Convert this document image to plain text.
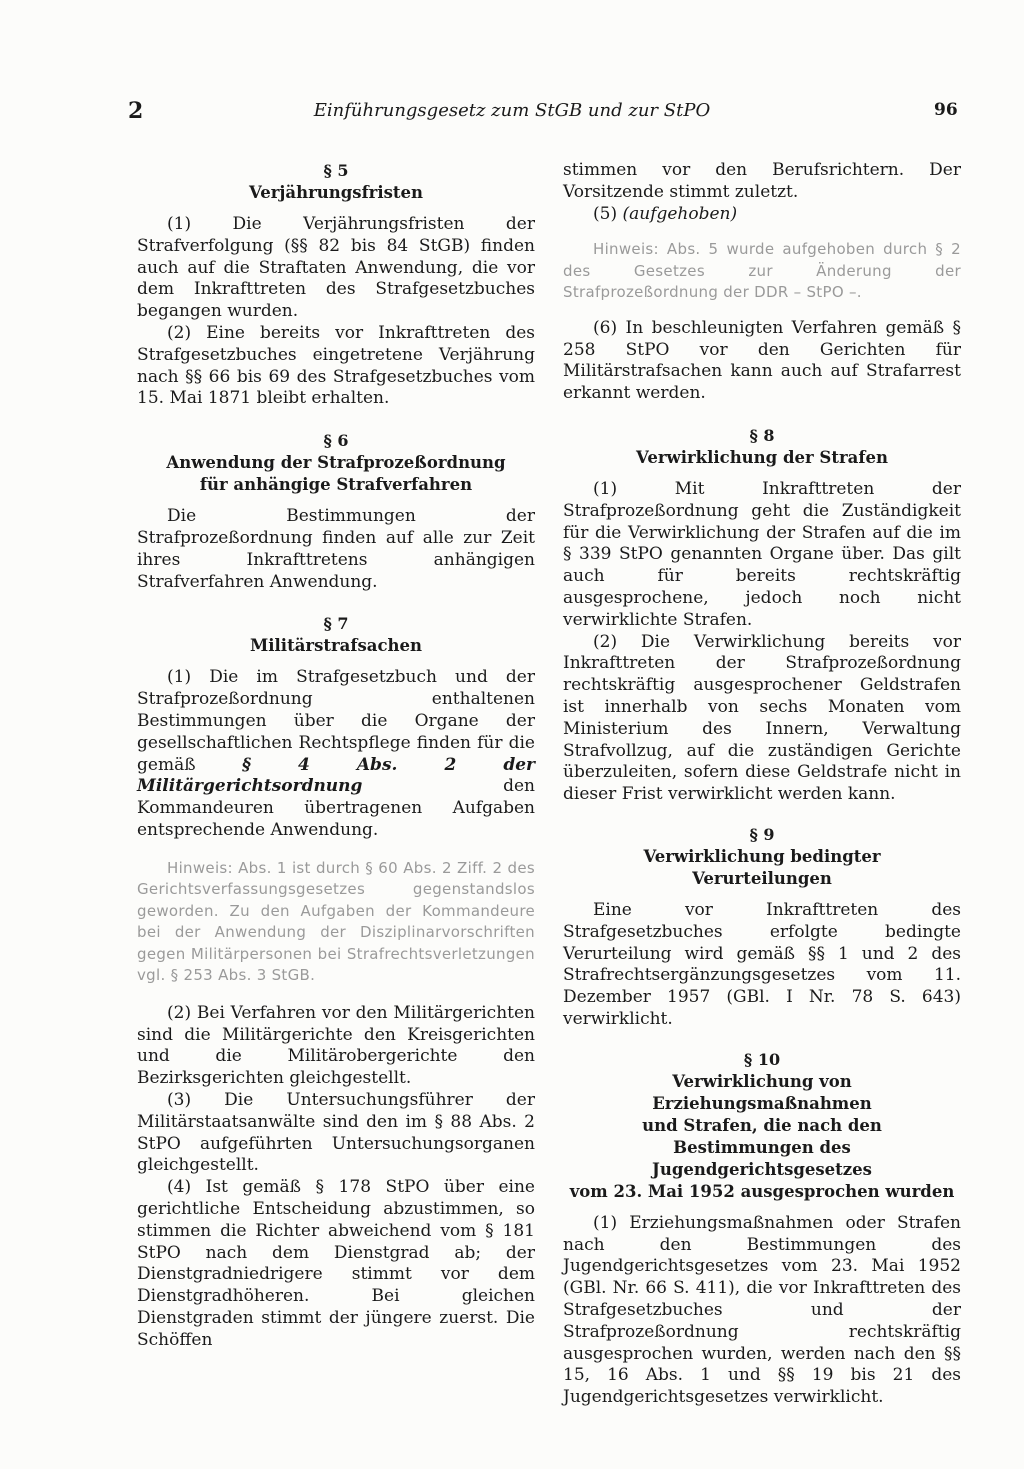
2	Einführungsgesetz zum StGB und zur StPO	96
§ 5
Verjährungsfristen

(1) Die Verjährungsfristen der Strafverfolgung (§§ 82 bis 84 StGB) finden auch auf die Straftaten Anwendung, die vor dem Inkrafttreten des Strafgesetzbuches begangen wurden.

(2) Eine bereits vor Inkrafttreten des Strafgesetzbuches eingetretene Verjährung nach §§ 66 bis 69 des Strafgesetzbuches vom 15. Mai 1871 bleibt erhalten.

§ 6
Anwendung der Strafprozeßordnung
für anhängige Strafverfahren

Die Bestimmungen der Strafprozeßordnung finden auf alle zur Zeit ihres Inkrafttretens anhängigen Strafverfahren Anwendung.

§ 7
Militärstrafsachen

(1) Die im Strafgesetzbuch und der Strafprozeßordnung enthaltenen Bestimmungen über die Organe der gesellschaftlichen Rechtspflege finden für die gemäß § 4 Abs. 2 der Militärgerichtsordnung den Kommandeuren übertragenen Aufgaben entsprechende Anwendung.

Hinweis: Abs. 1 ist durch § 60 Abs. 2 Ziff. 2 des Gerichtsverfassungsgesetzes gegenstandslos geworden. Zu den Aufgaben der Kommandeure bei der Anwendung der Disziplinarvorschriften gegen Militärpersonen bei Strafrechtsverletzungen vgl. § 253 Abs. 3 StGB.

(2) Bei Verfahren vor den Militärgerichten sind die Militärgerichte den Kreisgerichten und die Militärobergerichte den Bezirksgerichten gleichgestellt.

(3) Die Untersuchungsführer der Militärstaatsanwälte sind den im § 88 Abs. 2 StPO aufgeführten Untersuchungsorganen gleichgestellt.

(4) Ist gemäß § 178 StPO über eine gerichtliche Entscheidung abzustimmen, so stimmen die Richter abweichend vom § 181 StPO nach dem Dienstgrad ab; der Dienstgradniedrigere stimmt vor dem Dienstgradhöheren. Bei gleichen Dienstgraden stimmt der jüngere zuerst. Die Schöffen

stimmen vor den Berufsrichtern. Der Vorsitzende stimmt zuletzt.

(5) (aufgehoben)

Hinweis: Abs. 5 wurde aufgehoben durch § 2 des Gesetzes zur Änderung der Strafprozeßordnung der DDR – StPO –.

(6) In beschleunigten Verfahren gemäß § 258 StPO vor den Gerichten für Militärstrafsachen kann auch auf Strafarrest erkannt werden.

§ 8
Verwirklichung der Strafen

(1) Mit Inkrafttreten der Strafprozeßordnung geht die Zuständigkeit für die Verwirklichung der Strafen auf die im § 339 StPO genannten Organe über. Das gilt auch für bereits rechtskräftig ausgesprochene, jedoch noch nicht verwirklichte Strafen.

(2) Die Verwirklichung bereits vor Inkrafttreten der Strafprozeßordnung rechtskräftig ausgesprochener Geldstrafen ist innerhalb von sechs Monaten vom Ministerium des Innern, Verwaltung Strafvollzug, auf die zuständigen Gerichte überzuleiten, sofern diese Geldstrafe nicht in dieser Frist verwirklicht werden kann.

§ 9
Verwirklichung bedingter
Verurteilungen

Eine vor Inkrafttreten des Strafgesetzbuches erfolgte bedingte Verurteilung wird gemäß §§ 1 und 2 des Strafrechtsergänzungsgesetzes vom 11. Dezember 1957 (GBl. I Nr. 78 S. 643) verwirklicht.

§ 10
Verwirklichung von Erziehungsmaßnahmen
und Strafen, die nach den
Bestimmungen des Jugendgerichtsgesetzes
vom 23. Mai 1952 ausgesprochen wurden

(1) Erziehungsmaßnahmen oder Strafen nach den Bestimmungen des Jugendgerichtsgesetzes vom 23. Mai 1952 (GBl. Nr. 66 S. 411), die vor Inkrafttreten des Strafgesetzbuches und der Strafprozeßordnung rechtskräftig ausgesprochen wurden, werden nach den §§ 15, 16 Abs. 1 und §§ 19 bis 21 des Jugendgerichtsgesetzes verwirklicht.
